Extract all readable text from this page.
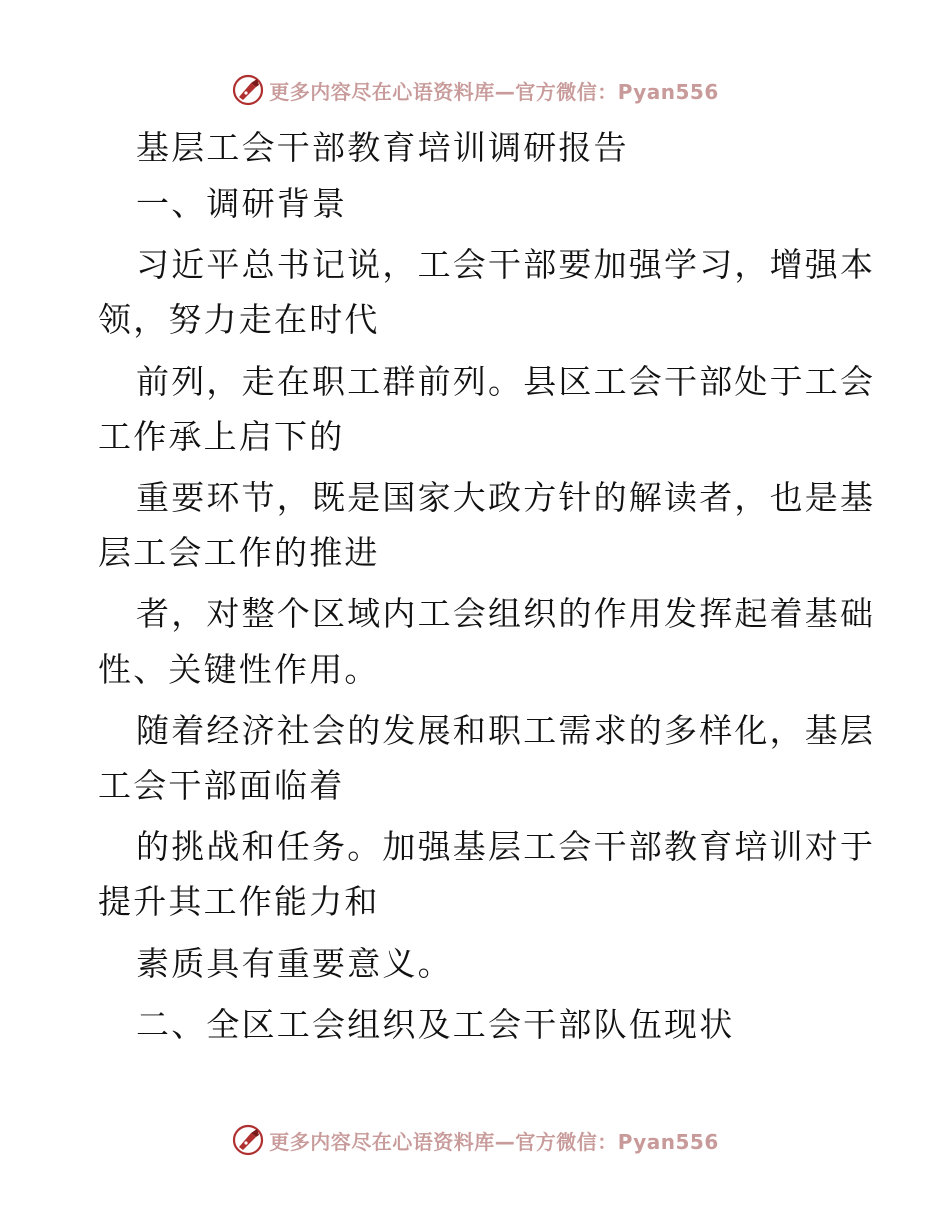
更多内容尽在心语资料库—官方微信：Pyan556
基层工会干部教育培训调研报告
一、调研背景
习近平总书记说，工会干部要加强学习，增强本
领，努力走在时代
前列，走在职工群前列。县区工会干部处于工会
工作承上启下的
重要环节，既是国家大政方针的解读者，也是基
层工会工作的推进
者，对整个区域内工会组织的作用发挥起着基础
性、关键性作用。
随着经济社会的发展和职工需求的多样化，基层
工会干部面临着
的挑战和任务。加强基层工会干部教育培训对于
提升其工作能力和
素质具有重要意义。
二、全区工会组织及工会干部队伍现状
更多内容尽在心语资料库—官方微信：Pyan556
